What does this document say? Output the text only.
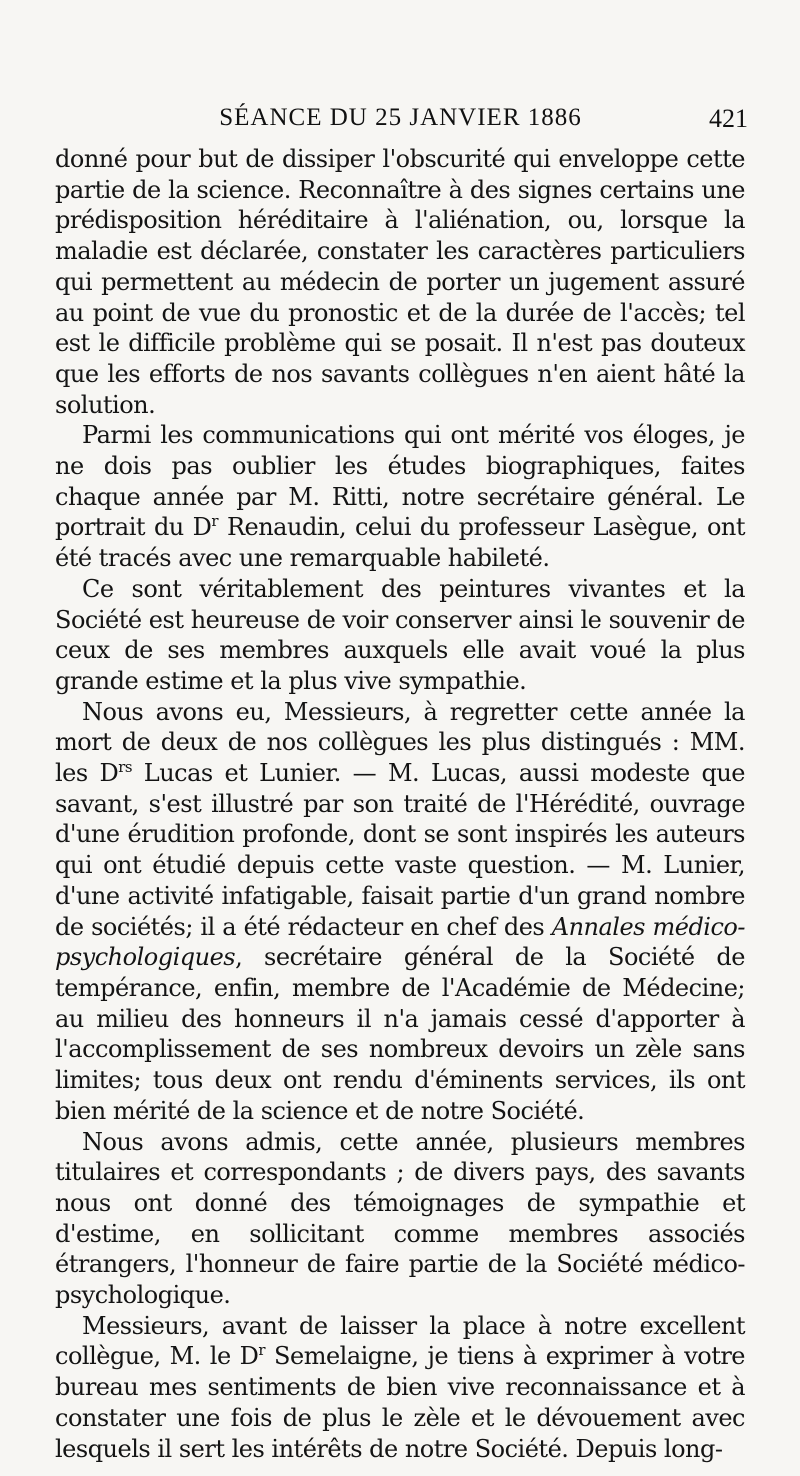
SÉANCE DU 25 JANVIER 1886	421

donné pour but de dissiper l'obscurité qui enveloppe cette partie de la science. Reconnaître à des signes certains une prédisposition héréditaire à l'aliénation, ou, lorsque la maladie est déclarée, constater les caractères particuliers qui permettent au médecin de porter un jugement assuré au point de vue du pronostic et de la durée de l'accès; tel est le difficile problème qui se posait. Il n'est pas douteux que les efforts de nos savants collègues n'en aient hâté la solution.

Parmi les communications qui ont mérité vos éloges, je ne dois pas oublier les études biographiques, faites chaque année par M. Ritti, notre secrétaire général. Le portrait du $D^r$ Renaudin, celui du professeur Lasègue, ont été tracés avec une remarquable habileté.

Ce sont véritablement des peintures vivantes et la Société est heureuse de voir conserver ainsi le souvenir de ceux de ses membres auxquels elle avait voué la plus grande estime et la plus vive sympathie.

Nous avons eu, Messieurs, à regretter cette année la mort de deux de nos collègues les plus distingués : MM. les $D^{rs}$ Lucas et Lunier. — M. Lucas, aussi modeste que savant, s'est illustré par son traité de l'Hérédité, ouvrage d'une érudition profonde, dont se sont inspirés les auteurs qui ont étudié depuis cette vaste question. — M. Lunier, d'une activité infatigable, faisait partie d'un grand nombre de sociétés; il a été rédacteur en chef des Annales médico-psychologiques, secrétaire général de la Société de tempérance, enfin, membre de l'Académie de Médecine; au milieu des honneurs il n'a jamais cessé d'apporter à l'accomplissement de ses nombreux devoirs un zèle sans limites; tous deux ont rendu d'éminents services, ils ont bien mérité de la science et de notre Société.

Nous avons admis, cette année, plusieurs membres titulaires et correspondants ; de divers pays, des savants nous ont donné des témoignages de sympathie et d'estime, en sollicitant comme membres associés étrangers, l'honneur de faire partie de la Société médico-psychologique.

Messieurs, avant de laisser la place à notre excellent collègue, M. le $D^r$ Semelaigne, je tiens à exprimer à votre bureau mes sentiments de bien vive reconnaissance et à constater une fois de plus le zèle et le dévouement avec lesquels il sert les intérêts de notre Société. Depuis long-
